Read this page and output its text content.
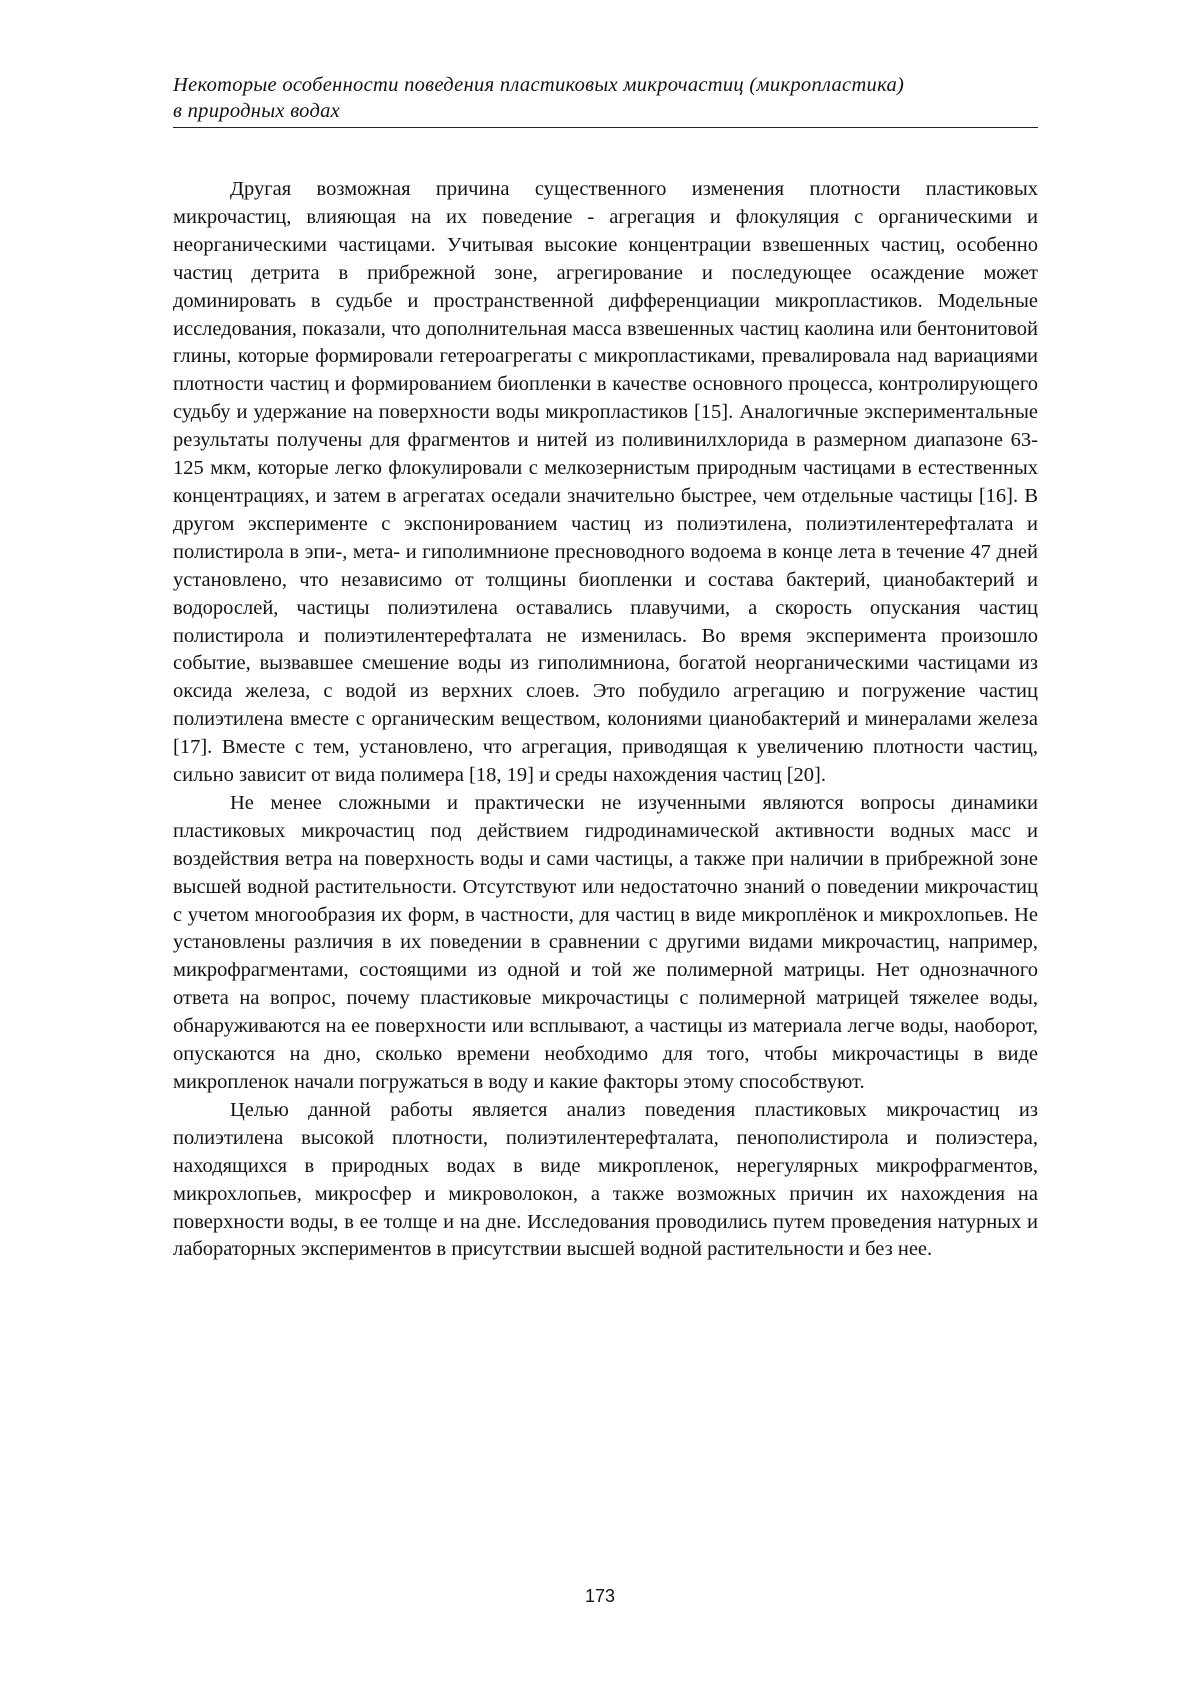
Некоторые особенности поведения пластиковых микрочастиц (микропластика)
в природных водах

Другая возможная причина существенного изменения плотности пластиковых микрочастиц, влияющая на их поведение - агрегация и флокуляция с органическими и неорганическими частицами. Учитывая высокие концентрации взвешенных частиц, особенно частиц детрита в прибрежной зоне, агрегирование и последующее осаждение может доминировать в судьбе и пространственной дифференциации микропластиков. Модельные исследования, показали, что дополнительная масса взвешенных частиц каолина или бентонитовой глины, которые формировали гетероагрегаты с микропластиками, превалировала над вариациями плотности частиц и формированием биопленки в качестве основного процесса, контролирующего судьбу и удержание на поверхности воды микропластиков [15]. Аналогичные экспериментальные результаты получены для фрагментов и нитей из поливинилхлорида в размерном диапазоне 63-125 мкм, которые легко флокулировали с мелкозернистым природным частицами в естественных концентрациях, и затем в агрегатах оседали значительно быстрее, чем отдельные частицы [16]. В другом эксперименте с экспонированием частиц из полиэтилена, полиэтилентерефталата и полистирола в эпи-, мета- и гиполимнионе пресноводного водоема в конце лета в течение 47 дней установлено, что независимо от толщины биопленки и состава бактерий, цианобактерий и водорослей, частицы полиэтилена оставались плавучими, а скорость опускания частиц полистирола и полиэтилентерефталата не изменилась. Во время эксперимента произошло событие, вызвавшее смешение воды из гиполимниона, богатой неорганическими частицами из оксида железа, с водой из верхних слоев. Это побудило агрегацию и погружение частиц полиэтилена вместе с органическим веществом, колониями цианобактерий и минералами железа [17]. Вместе с тем, установлено, что агрегация, приводящая к увеличению плотности частиц, сильно зависит от вида полимера [18, 19] и среды нахождения частиц [20].

Не менее сложными и практически не изученными являются вопросы динамики пластиковых микрочастиц под действием гидродинамической активности водных масс и воздействия ветра на поверхность воды и сами частицы, а также при наличии в прибрежной зоне высшей водной растительности. Отсутствуют или недостаточно знаний о поведении микрочастиц с учетом многообразия их форм, в частности, для частиц в виде микроплёнок и микрохлопьев. Не установлены различия в их поведении в сравнении с другими видами микрочастиц, например, микрофрагментами, состоящими из одной и той же полимерной матрицы. Нет однозначного ответа на вопрос, почему пластиковые микрочастицы с полимерной матрицей тяжелее воды, обнаруживаются на ее поверхности или всплывают, а частицы из материала легче воды, наоборот, опускаются на дно, сколько времени необходимо для того, чтобы микрочастицы в виде микропленок начали погружаться в воду и какие факторы этому способствуют.

Целью данной работы является анализ поведения пластиковых микрочастиц из полиэтилена высокой плотности, полиэтилентерефталата, пенополистирола и полиэстера, находящихся в природных водах в виде микропленок, нерегулярных микрофрагментов, микрохлопьев, микросфер и микроволокон, а также возможных причин их нахождения на поверхности воды, в ее толще и на дне. Исследования проводились путем проведения натурных и лабораторных экспериментов в присутствии высшей водной растительности и без нее.

173
